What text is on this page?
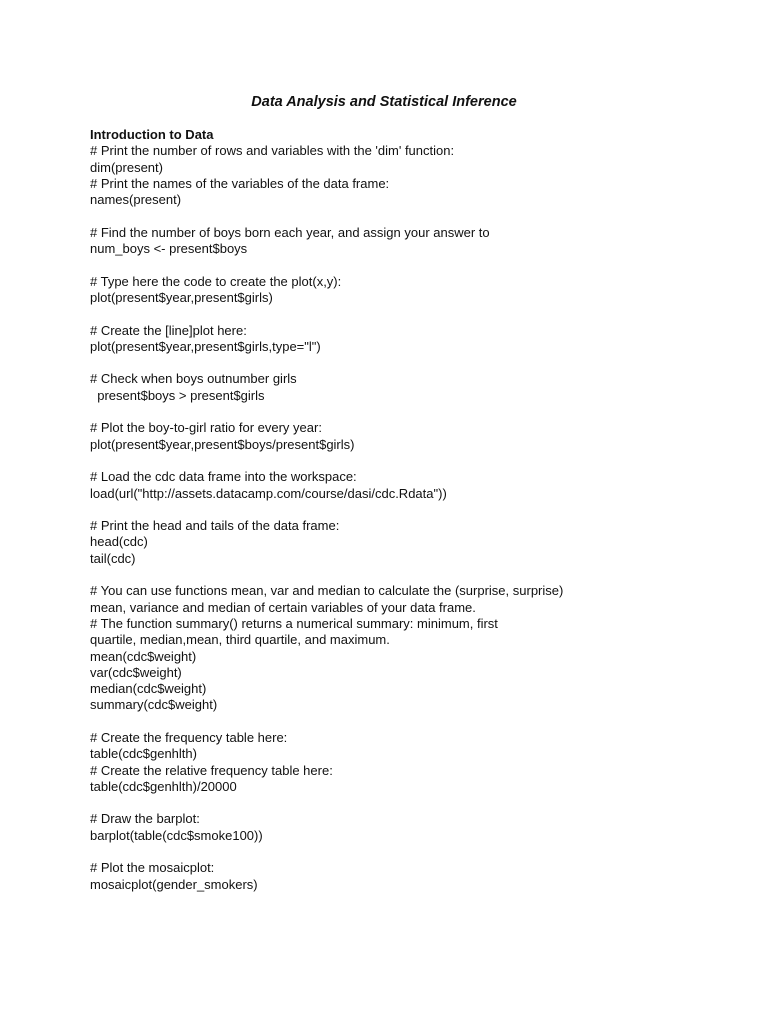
Data Analysis and Statistical Inference
Introduction to Data
# Print the number of rows and variables with the 'dim' function:
dim(present)
# Print the names of the variables of the data frame:
names(present)
# Find the number of boys born each year, and assign your answer to
num_boys <- present$boys
# Type here the code to create the plot(x,y):
plot(present$year,present$girls)
# Create the [line]plot here:
plot(present$year,present$girls,type="l")
# Check when boys outnumber girls
present$boys > present$girls
# Plot the boy-to-girl ratio for every year:
plot(present$year,present$boys/present$girls)
# Load the cdc data frame into the workspace:
load(url("http://assets.datacamp.com/course/dasi/cdc.Rdata"))
# Print the head and tails of the data frame:
head(cdc)
tail(cdc)
# You can use functions mean, var and median to calculate the (surprise, surprise)
mean, variance and median of certain variables of your data frame.
# The function summary() returns a numerical summary: minimum, first
quartile, median,mean, third quartile, and maximum.
mean(cdc$weight)
var(cdc$weight)
median(cdc$weight)
summary(cdc$weight)
# Create the frequency table here:
table(cdc$genhlth)
# Create the relative frequency table here:
table(cdc$genhlth)/20000
# Draw the barplot:
barplot(table(cdc$smoke100))
# Plot the mosaicplot:
mosaicplot(gender_smokers)
